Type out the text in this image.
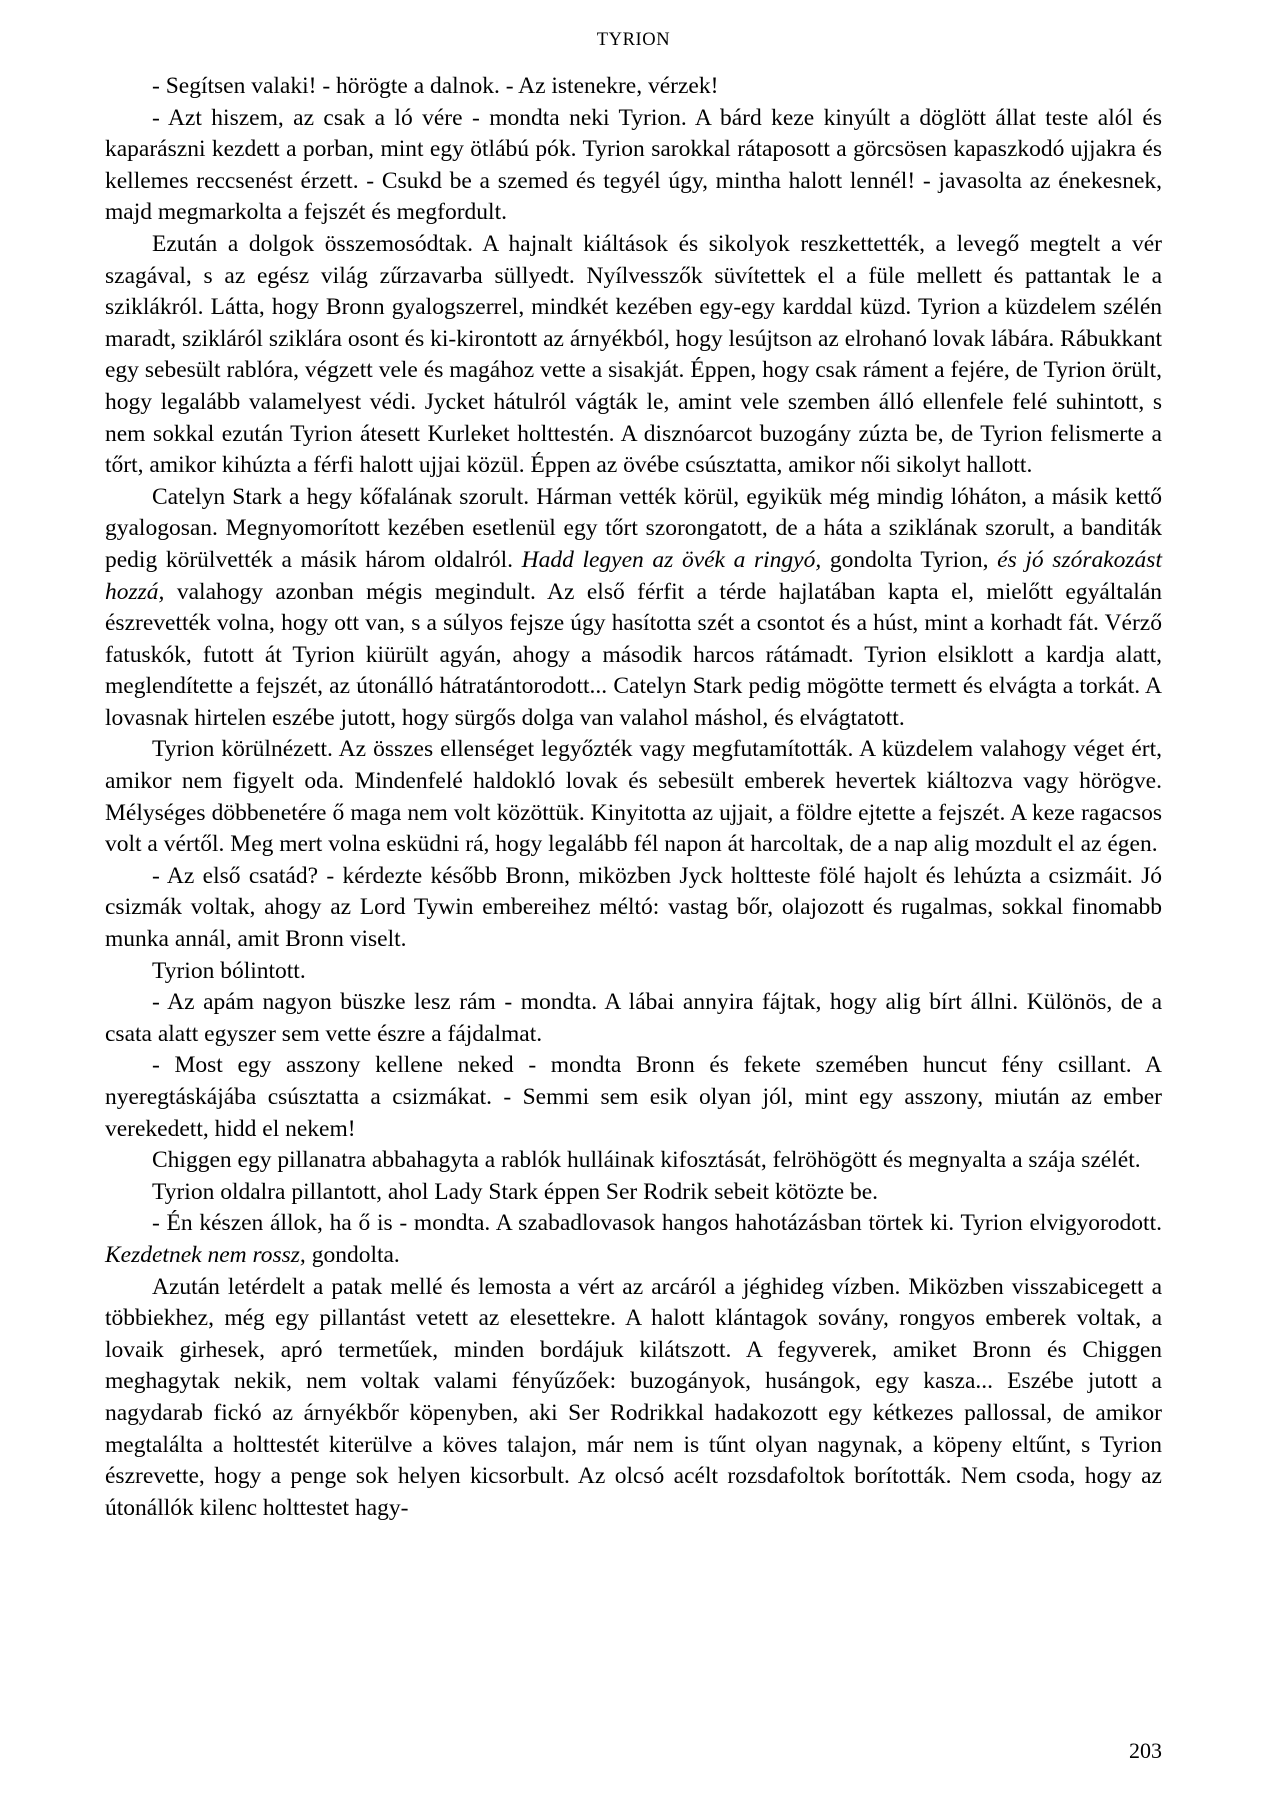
TYRION

- Segítsen valaki! - hörögte a dalnok. - Az istenekre, vérzek!

- Azt hiszem, az csak a ló vére - mondta neki Tyrion. A bárd keze kinyúlt a döglött állat teste alól és kaparászni kezdett a porban, mint egy ötlábú pók. Tyrion sarokkal rátaposott a görcsösen kapaszkodó ujjakra és kellemes reccsenést érzett. - Csukd be a szemed és tegyél úgy, mintha halott lennél! - javasolta az énekesnek, majd megmarkolta a fejszét és megfordult.

Ezután a dolgok összemosódtak. A hajnalt kiáltások és sikolyok reszkettették, a levegő megtelt a vér szagával, s az egész világ zűrzavarba süllyedt. Nyílvesszők süvítettek el a füle mellett és pattantak le a sziklákról. Látta, hogy Bronn gyalogszerrel, mindkét kezében egy-egy karddal küzd. Tyrion a küzdelem szélén maradt, szikláról sziklára osont és ki-kirontott az árnyékból, hogy lesújtson az elrohanó lovak lábára. Rábukkant egy sebesült rablóra, végzett vele és magához vette a sisakját. Éppen, hogy csak ráment a fejére, de Tyrion örült, hogy legalább valamelyest védi. Jycket hátulról vágták le, amint vele szemben álló ellenfele felé suhintott, s nem sokkal ezután Tyrion átesett Kurleket holttestén. A disznóarcot buzogány zúzta be, de Tyrion felismerte a tőrt, amikor kihúzta a férfi halott ujjai közül. Éppen az övébe csúsztatta, amikor női sikolyt hallott.

Catelyn Stark a hegy kőfalának szorult. Hárman vették körül, egyikük még mindig lóháton, a másik kettő gyalogosan. Megnyomorított kezében esetlenül egy tőrt szorongatott, de a háta a sziklának szorult, a banditák pedig körülvették a másik három oldalról. Hadd legyen az övék a ringyó, gondolta Tyrion, és jó szórakozást hozzá, valahogy azonban mégis megindult. Az első férfit a térde hajlatában kapta el, mielőtt egyáltalán észrevették volna, hogy ott van, s a súlyos fejsze úgy hasította szét a csontot és a húst, mint a korhadt fát. Vérző fatuskók, futott át Tyrion kiürült agyán, ahogy a második harcos rátámadt. Tyrion elsiklott a kardja alatt, meglendítette a fejszét, az útonálló hátratántorodott... Catelyn Stark pedig mögötte termett és elvágta a torkát. A lovasnak hirtelen eszébe jutott, hogy sürgős dolga van valahol máshol, és elvágtatott.

Tyrion körülnézett. Az összes ellenséget legyőzték vagy megfutamították. A küzdelem valahogy véget ért, amikor nem figyelt oda. Mindenfelé haldokló lovak és sebesült emberek hevertek kiáltozva vagy hörögve. Mélységes döbbenetére ő maga nem volt közöttük. Kinyitotta az ujjait, a földre ejtette a fejszét. A keze ragacsos volt a vértől. Meg mert volna esküdni rá, hogy legalább fél napon át harcoltak, de a nap alig mozdult el az égen.

- Az első csatád? - kérdezte később Bronn, miközben Jyck holtteste fölé hajolt és lehúzta a csizmáit. Jó csizmák voltak, ahogy az Lord Tywin embereihez méltó: vastag bőr, olajozott és rugalmas, sokkal finomabb munka annál, amit Bronn viselt.

Tyrion bólintott.

- Az apám nagyon büszke lesz rám - mondta. A lábai annyira fájtak, hogy alig bírt állni. Különös, de a csata alatt egyszer sem vette észre a fájdalmat.

- Most egy asszony kellene neked - mondta Bronn és fekete szemében huncut fény csillant. A nyeregtáskájába csúsztatta a csizmákat. - Semmi sem esik olyan jól, mint egy asszony, miután az ember verekedett, hidd el nekem!

Chiggen egy pillanatra abbahagyta a rablók hulláinak kifosztását, felröhögött és megnyalta a szája szélét.

Tyrion oldalra pillantott, ahol Lady Stark éppen Ser Rodrik sebeit kötözte be.

- Én készen állok, ha ő is - mondta. A szabadlovasok hangos hahotázásban törtek ki. Tyrion elvigyorodott. Kezdetnek nem rossz, gondolta.

Azután letérdelt a patak mellé és lemosta a vért az arcáról a jéghideg vízben. Miközben visszabicegett a többiekhez, még egy pillantást vetett az elesettekre. A halott klántagok sovány, rongyos emberek voltak, a lovaik girhesek, apró termetűek, minden bordájuk kilátszott. A fegyverek, amiket Bronn és Chiggen meghagytak nekik, nem voltak valami fényűzőek: buzogányok, husángok, egy kasza... Eszébe jutott a nagydarab fickó az árnyékbőr köpenyben, aki Ser Rodrikkal hadakozott egy kétkezes pallossal, de amikor megtalálta a holttestét kiterülve a köves talajon, már nem is tűnt olyan nagynak, a köpeny eltűnt, s Tyrion észrevette, hogy a penge sok helyen kicsorbult. Az olcsó acélt rozsdafoltok borították. Nem csoda, hogy az útonállók kilenc holttestet hagy-

203
